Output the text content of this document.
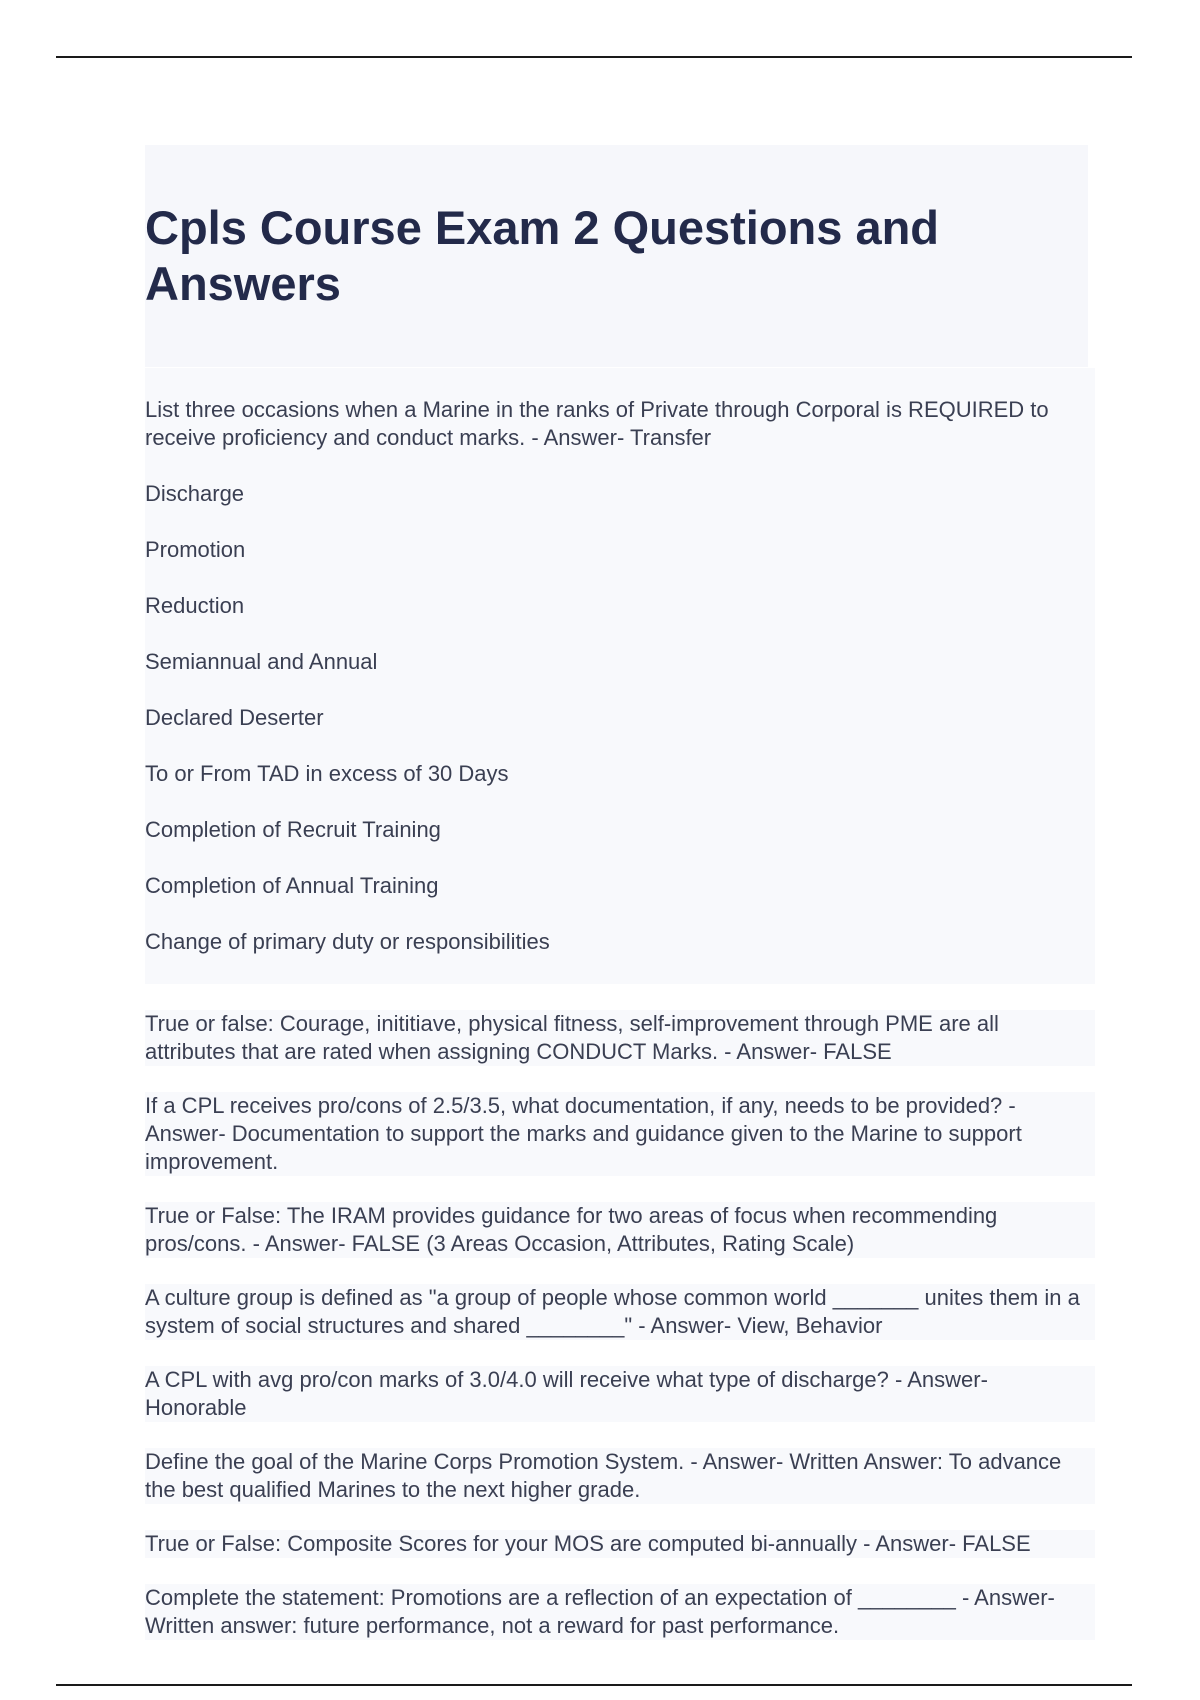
Cpls Course Exam 2 Questions and Answers

List three occasions when a Marine in the ranks of Private through Corporal is REQUIRED to receive proficiency and conduct marks. - Answer- Transfer

Discharge

Promotion

Reduction

Semiannual and Annual

Declared Deserter

To or From TAD in excess of 30 Days

Completion of Recruit Training

Completion of Annual Training

Change of primary duty or responsibilities

True or false: Courage, inititiave, physical fitness, self-improvement through PME are all attributes that are rated when assigning CONDUCT Marks. - Answer- FALSE
If a CPL receives pro/cons of 2.5/3.5, what documentation, if any, needs to be provided? - Answer- Documentation to support the marks and guidance given to the Marine to support improvement.
True or False: The IRAM provides guidance for two areas of focus when recommending pros/cons. - Answer- FALSE (3 Areas Occasion, Attributes, Rating Scale)
A culture group is defined as "a group of people whose common world _______ unites them in a system of social structures and shared ________" - Answer- View, Behavior
A CPL with avg pro/con marks of 3.0/4.0 will receive what type of discharge? - Answer- Honorable
Define the goal of the Marine Corps Promotion System. - Answer- Written Answer: To advance the best qualified Marines to the next higher grade.
True or False: Composite Scores for your MOS are computed bi-annually - Answer- FALSE
Complete the statement: Promotions are a reflection of an expectation of ________ - Answer- Written answer: future performance, not a reward for past performance.
